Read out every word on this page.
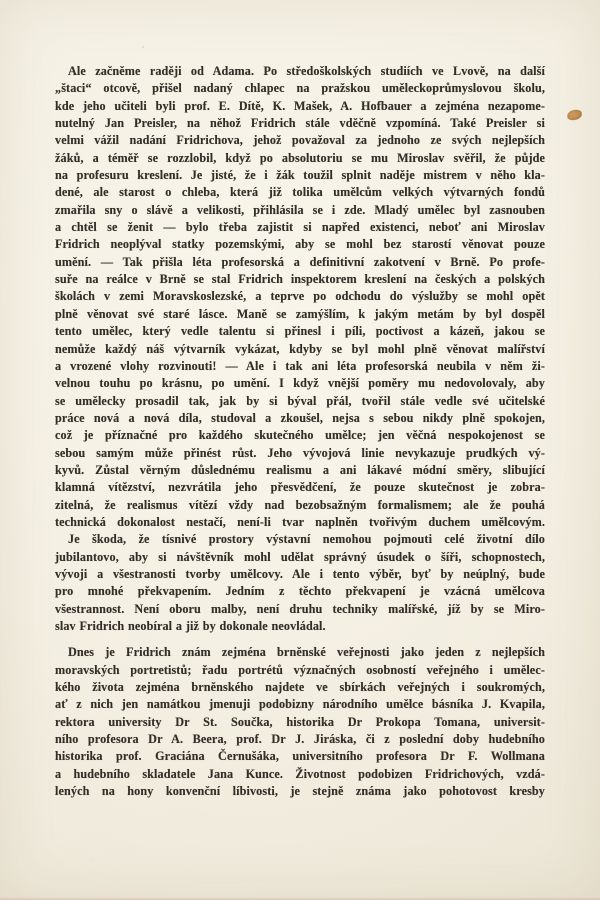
Ale začněme raději od Adama. Po středoškolských studiích ve Lvově, na další
„štaci“ otcově, přišel nadaný chlapec na pražskou uměleckoprůmyslovou školu,
kde jeho učiteli byli prof. E. Dítě, K. Mašek, A. Hofbauer a zejména nezapome-
nutelný Jan Preisler, na něhož Fridrich stále vděčně vzpomíná. Také Preisler si
velmi vážil nadání Fridrichova, jehož považoval za jednoho ze svých nejlepších
žáků, a téměř se rozzlobil, když po absolutoriu se mu Miroslav svěřil, že půjde
na profesuru kreslení. Je jisté, že i žák toužil splnit naděje mistrem v něho kla-
dené, ale starost o chleba, která již tolika umělcům velkých výtvarných fondů
zmařila sny o slávě a velikosti, přihlásila se i zde. Mladý umělec byl zasnouben
a chtěl se ženit — bylo třeba zajistit si napřed existenci, neboť ani Miroslav
Fridrich neoplýval statky pozemskými, aby se mohl bez starostí věnovat pouze
umění. — Tak přišla léta profesorská a definitivní zakotvení v Brně. Po profe-
suře na reálce v Brně se stal Fridrich inspektorem kreslení na českých a polských
školách v zemi Moravskoslezské, a teprve po odchodu do výslužby se mohl opět
plně věnovat své staré lásce. Maně se zamýšlím, k jakým metám by byl dospěl
tento umělec, který vedle talentu si přinesl i píli, poctivost a kázeň, jakou se
nemůže každý náš výtvarník vykázat, kdyby se byl mohl plně věnovat malířství
a vrozené vlohy rozvinouti! — Ale i tak ani léta profesorská neubila v něm ži-
velnou touhu po krásnu, po umění. I když vnější poměry mu nedovolovaly, aby
se umělecky prosadil tak, jak by si býval přál, tvořil stále vedle své učitelské
práce nová a nová díla, studoval a zkoušel, nejsa s sebou nikdy plně spokojen,
což je příznačné pro každého skutečného umělce; jen věčná nespokojenost se
sebou samým může přinést růst. Jeho vývojová linie nevykazuje prudkých vý-
kyvů. Zůstal věrným důslednému realismu a ani lákavé módní směry, slibující
klamná vítězství, nezvrátila jeho přesvědčení, že pouze skutečnost je zobra-
zitelná, že realismus vítězí vždy nad bezobsažným formalismem; ale že pouhá
technická dokonalost nestačí, není-li tvar naplněn tvořivým duchem umělcovým.
Je škoda, že tísnivé prostory výstavní nemohou pojmouti celé životní dílo
jubilantovo, aby si návštěvník mohl udělat správný úsudek o šíři, schopnostech,
vývoji a všestranosti tvorby umělcovy. Ale i tento výběr, byť by neúplný, bude
pro mnohé překvapením. Jedním z těchto překvapení je vzácná umělcova
všestrannost. Není oboru malby, není druhu techniky malířské, jíž by se Miro-
slav Fridrich neobíral a již by dokonale neovládal.
Dnes je Fridrich znám zejména brněnské veřejnosti jako jeden z nejlepších
moravských portretistů; řadu portrétů význačných osobností veřejného i umělec-
kého života zejména brněnského najdete ve sbírkách veřejných i soukromých,
ať z nich jen namátkou jmenuji podobizny národního umělce básníka J. Kvapila,
rektora university Dr St. Součka, historika Dr Prokopa Tomana, universit-
ního profesora Dr A. Beera, prof. Dr J. Jiráska, či z poslední doby hudebního
historika prof. Graciána Černušáka, universitního profesora Dr F. Wollmana
a hudebního skladatele Jana Kunce. Životnost podobizen Fridrichových, vzdá-
lených na hony konvenční líbivosti, je stejně známa jako pohotovost kresby
